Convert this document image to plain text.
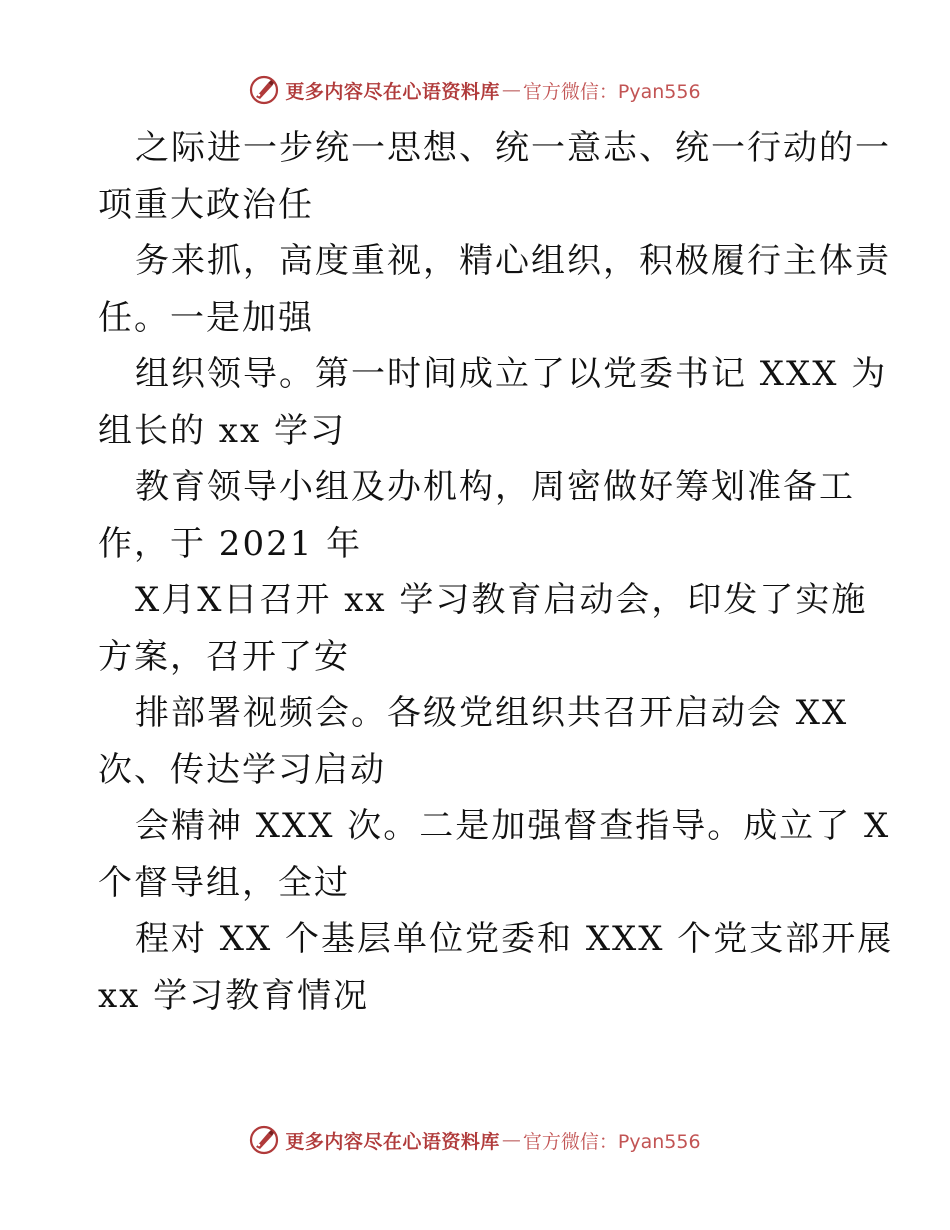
更多内容尽在心语资料库 — 官方微信：Pyan556
之际进一步统一思想、统一意志、统一行动的一
项重大政治任
务来抓，高度重视，精心组织，积极履行主体责
任。一是加强
组织领导。第一时间成立了以党委书记 XXX 为
组长的 xx 学习
教育领导小组及办机构，周密做好筹划准备工
作，于 2021 年
X月X日召开 xx 学习教育启动会，印发了实施
方案，召开了安
排部署视频会。各级党组织共召开启动会 XX
次、传达学习启动
会精神 XXX 次。二是加强督查指导。成立了 X
个督导组，全过
程对 XX 个基层单位党委和 XXX 个党支部开展
xx 学习教育情况
更多内容尽在心语资料库 — 官方微信：Pyan556
